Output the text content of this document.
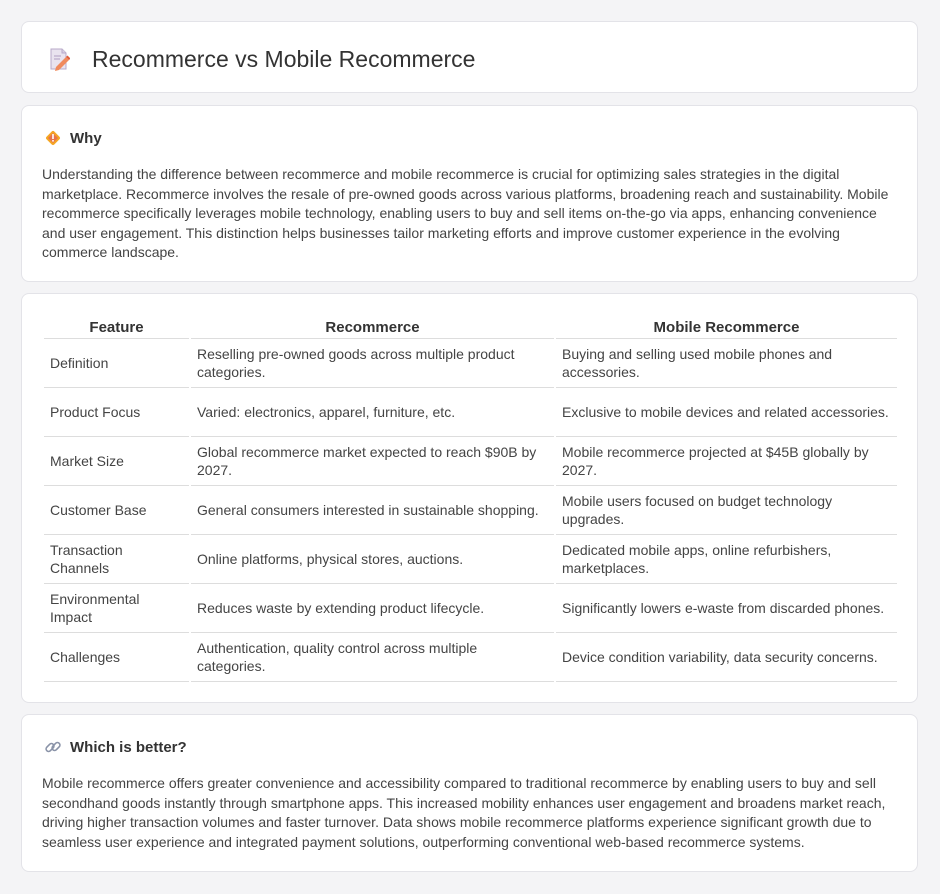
Recommerce vs Mobile Recommerce
Why

Understanding the difference between recommerce and mobile recommerce is crucial for optimizing sales strategies in the digital marketplace. Recommerce involves the resale of pre-owned goods across various platforms, broadening reach and sustainability. Mobile recommerce specifically leverages mobile technology, enabling users to buy and sell items on-the-go via apps, enhancing convenience and user engagement. This distinction helps businesses tailor marketing efforts and improve customer experience in the evolving commerce landscape.

Feature	Recommerce	Mobile Recommerce
Definition	Reselling pre-owned goods across multiple product categories.	Buying and selling used mobile phones and accessories.
Product Focus	Varied: electronics, apparel, furniture, etc.	Exclusive to mobile devices and related accessories.
Market Size	Global recommerce market expected to reach $90B by 2027.	Mobile recommerce projected at $45B globally by 2027.
Customer Base	General consumers interested in sustainable shopping.	Mobile users focused on budget technology upgrades.
Transaction Channels	Online platforms, physical stores, auctions.	Dedicated mobile apps, online refurbishers, marketplaces.
Environmental Impact	Reduces waste by extending product lifecycle.	Significantly lowers e-waste from discarded phones.
Challenges	Authentication, quality control across multiple categories.	Device condition variability, data security concerns.
Which is better?

Mobile recommerce offers greater convenience and accessibility compared to traditional recommerce by enabling users to buy and sell secondhand goods instantly through smartphone apps. This increased mobility enhances user engagement and broadens market reach, driving higher transaction volumes and faster turnover. Data shows mobile recommerce platforms experience significant growth due to seamless user experience and integrated payment solutions, outperforming conventional web-based recommerce systems.
